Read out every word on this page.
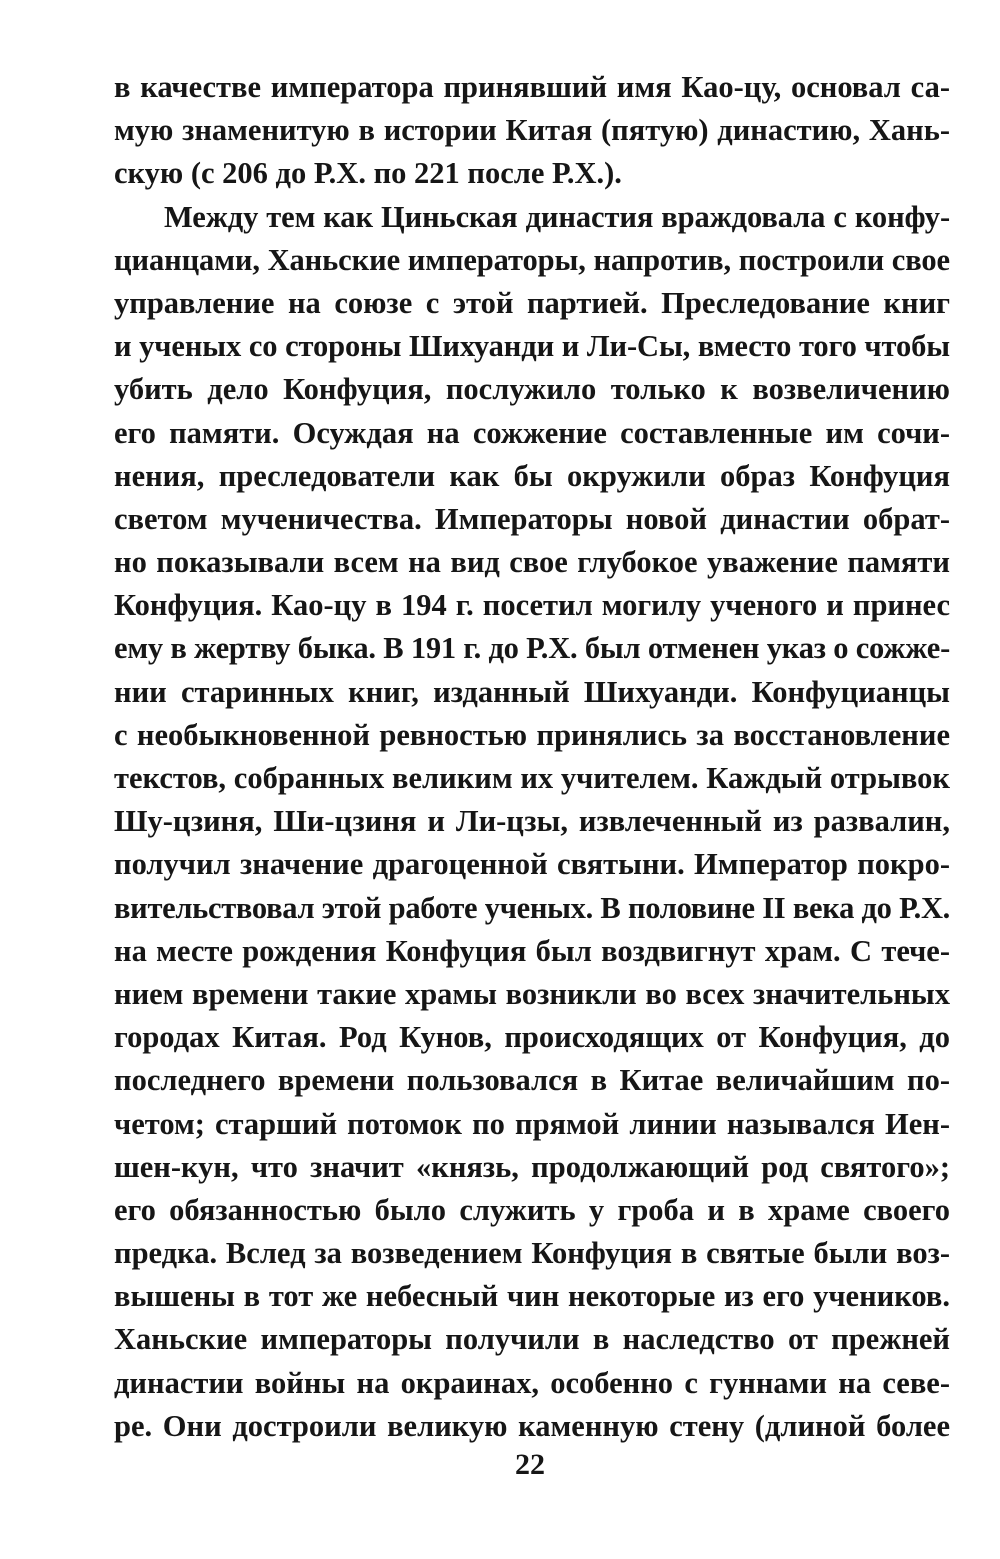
в качестве императора принявший имя Као-цу, основал са-
мую знаменитую в истории Китая (пятую) династию, Хань-
скую (с 206 до Р.Х. по 221 после Р.Х.).
Между тем как Циньская династия враждовала с конфу-
цианцами, Ханьские императоры, напротив, построили свое
управление на союзе с этой партией. Преследование книг
и ученых со стороны Шихуанди и Ли-Сы, вместо того чтобы
убить дело Конфуция, послужило только к возвеличению
его памяти. Осуждая на сожжение составленные им сочи-
нения, преследователи как бы окружили образ Конфуция
светом мученичества. Императоры новой династии обрат-
но показывали всем на вид свое глубокое уважение памяти
Конфуция. Као-цу в 194 г. посетил могилу ученого и принес
ему в жертву быка. В 191 г. до Р.Х. был отменен указ о сожже-
нии старинных книг, изданный Шихуанди. Конфуцианцы
с необыкновенной ревностью принялись за восстановление
текстов, собранных великим их учителем. Каждый отрывок
Шу-цзиня, Ши-цзиня и Ли-цзы, извлеченный из развалин,
получил значение драгоценной святыни. Император покро-
вительствовал этой работе ученых. В половине II века до Р.Х.
на месте рождения Конфуция был воздвигнут храм. С тече-
нием времени такие храмы возникли во всех значительных
городах Китая. Род Кунов, происходящих от Конфуция, до
последнего времени пользовался в Китае величайшим по-
четом; старший потомок по прямой линии назывался Иен-
шен-кун, что значит «князь, продолжающий род святого»;
его обязанностью было служить у гроба и в храме своего
предка. Вслед за возведением Конфуция в святые были воз-
вышены в тот же небесный чин некоторые из его учеников.
Ханьские императоры получили в наследство от прежней
династии войны на окраинах, особенно с гуннами на севе-
ре. Они достроили великую каменную стену (длиной более
22
